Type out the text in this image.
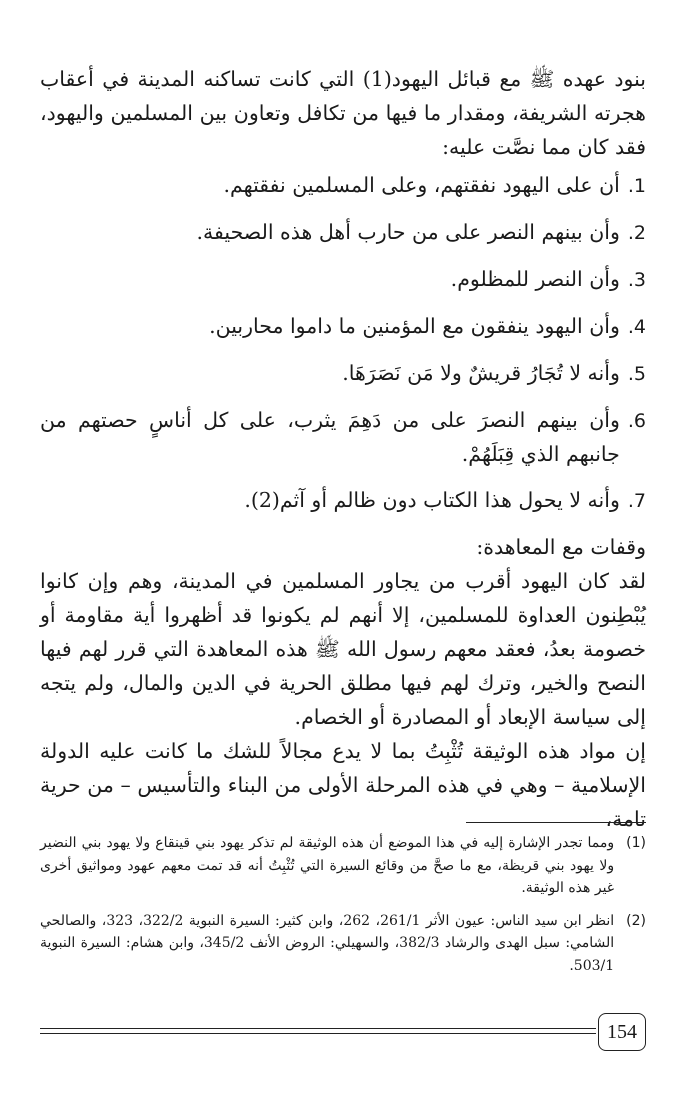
بنود عهده ﷺ مع قبائل اليهود(1) التي كانت تساكنه المدينة في أعقاب هجرته الشريفة، ومقدار ما فيها من تكافل وتعاون بين المسلمين واليهود، فقد كان مما نصَّت عليه:

1.
أن على اليهود نفقتهم، وعلى المسلمين نفقتهم.
2.
وأن بينهم النصر على من حارب أهل هذه الصحيفة.
3.
وأن النصر للمظلوم.
4.
وأن اليهود ينفقون مع المؤمنين ما داموا محاربين.
5.
وأنه لا تُجَارُ قريشٌ ولا مَن نَصَرَهَا.
6.
وأن بينهم النصرَ على من دَهِمَ يثرب، على كل أناسٍ حصتهم من جانبهم الذي قِبَلَهُمْ.
7.
وأنه لا يحول هذا الكتاب دون ظالم أو آثم(2).

وقفات مع المعاهدة:

لقد كان اليهود أقرب من يجاور المسلمين في المدينة، وهم وإن كانوا يُبْطِنون العداوة للمسلمين، إلا أنهم لم يكونوا قد أظهروا أية مقاومة أو خصومة بعدُ، فعقد معهم رسول الله ﷺ هذه المعاهدة التي قرر لهم فيها النصح والخير، وترك لهم فيها مطلق الحرية في الدين والمال، ولم يتجه إلى سياسة الإبعاد أو المصادرة أو الخصام.

إن مواد هذه الوثيقة تُثْبِتُ بما لا يدع مجالاً للشك ما كانت عليه الدولة الإسلامية – وهي في هذه المرحلة الأولى من البناء والتأسيس – من حرية تامة،

(1)
ومما تجدر الإشارة إليه في هذا الموضع أن هذه الوثيقة لم تذكر يهود بني قينقاع ولا يهود بني النضير ولا يهود بني قريظة، مع ما صحَّ من وقائع السيرة التي تُثْبِتُ أنه قد تمت معهم عهود ومواثيق أخرى غير هذه الوثيقة.
(2)
انظر ابن سيد الناس: عيون الأثر 261/1، 262، وابن كثير: السيرة النبوية 322/2، 323، والصالحي الشامي: سبل الهدى والرشاد 382/3، والسهيلي: الروض الأنف 345/2، وابن هشام: السيرة النبوية 503/1.
154
